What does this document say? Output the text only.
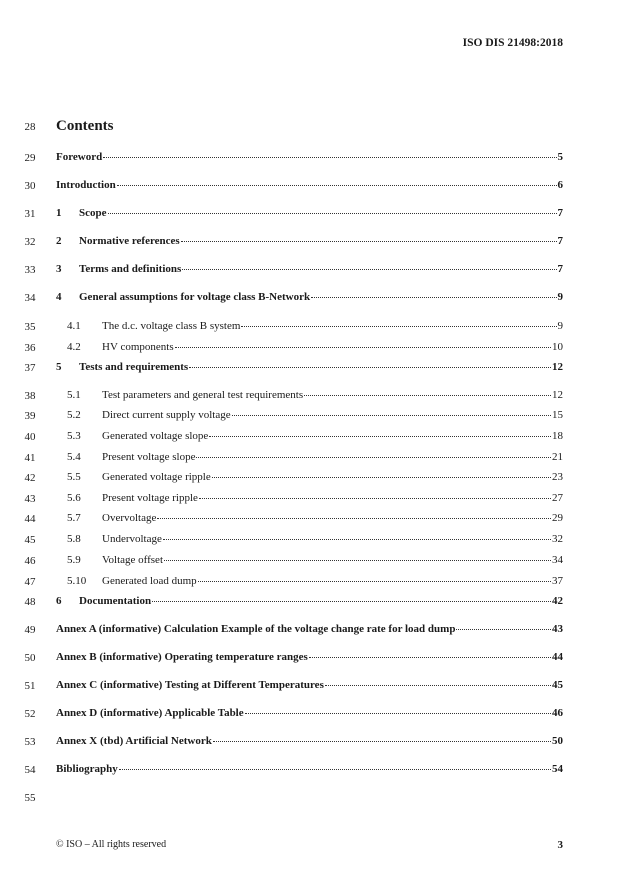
ISO DIS 21498:2018
28 Contents
29 Foreword	5
30 Introduction	6
31 1	Scope	7
32 2	Normative references	7
33 3	Terms and definitions	7
34 4	General assumptions for voltage class B-Network	9
35	4.1	The d.c. voltage class B system	9
36	4.2	HV components	10
37 5	Tests and requirements	12
38	5.1	Test parameters and general test requirements	12
39	5.2	Direct current supply voltage	15
40	5.3	Generated voltage slope	18
41	5.4	Present voltage slope	21
42	5.5	Generated voltage ripple	23
43	5.6	Present voltage ripple	27
44	5.7	Overvoltage	29
45	5.8	Undervoltage	32
46	5.9	Voltage offset	34
47	5.10	Generated load dump	37
48 6	Documentation	42
49 Annex A (informative) Calculation Example of the voltage change rate for load dump	43
50 Annex B (informative) Operating temperature ranges	44
51 Annex C (informative) Testing at Different Temperatures	45
52 Annex D (informative) Applicable Table	46
53 Annex X (tbd) Artificial Network	50
54 Bibliography	54
55
© ISO – All rights reserved	3
